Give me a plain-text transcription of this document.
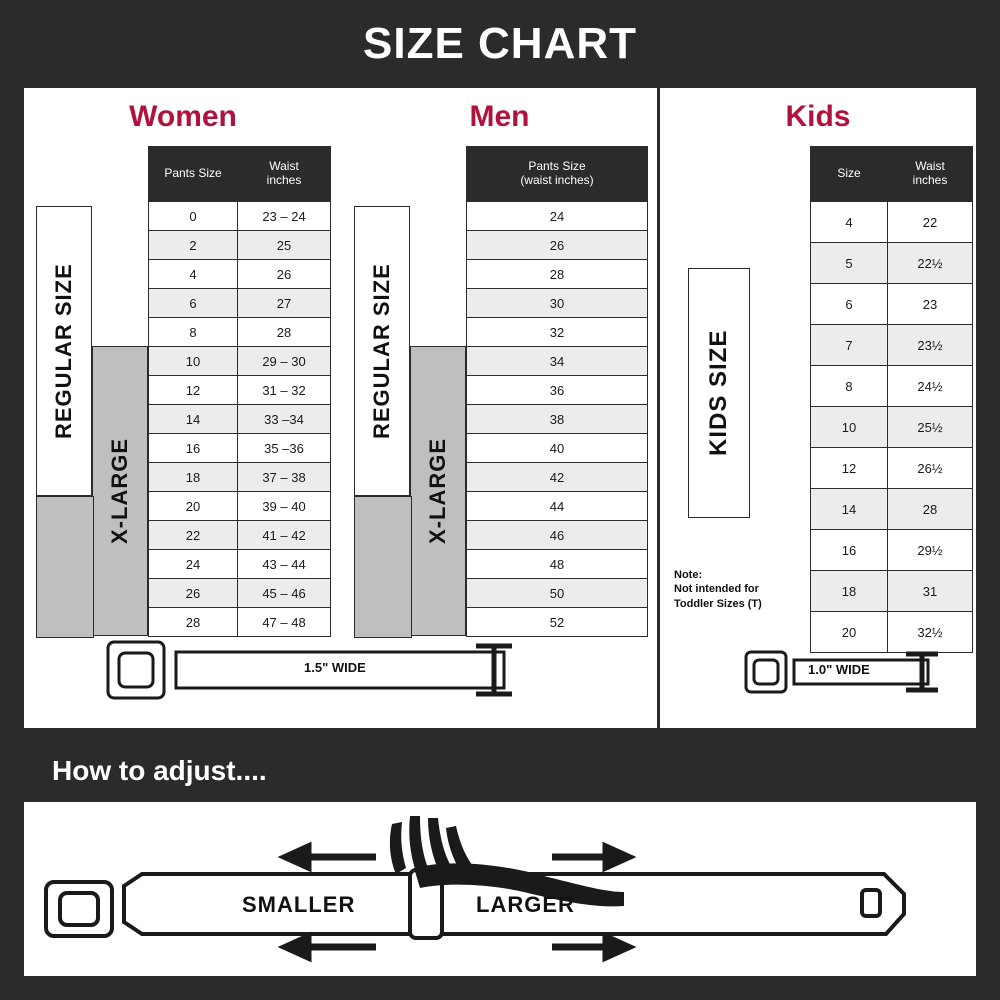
SIZE CHART
Women
REGULAR SIZE
X-LARGE
Pants Size	Waist
inches

0	23 – 24
2	25
4	26
6	27
8	28
10	29 – 30
12	31 – 32
14	33 –34
16	35 –36
18	37 – 38
20	39 – 40
22	41 – 42
24	43 – 44
26	45 – 46
28	47 – 48
Men
REGULAR SIZE
X-LARGE
Pants Size
(waist inches)

24
26
28
30
32
34
36
38
40
42
44
46
48
50
52
Kids
KIDS SIZE
Note:
Not intended for
Toddler Sizes (T)
Size	Waist
inches

4	22
5	22½
6	23
7	23½
8	24½
10	25½
12	26½
14	28
16	29½
18	31
20	32½
1.5" WIDE	1.0" WIDE
How to adjust....
SMALLER	LARGER
